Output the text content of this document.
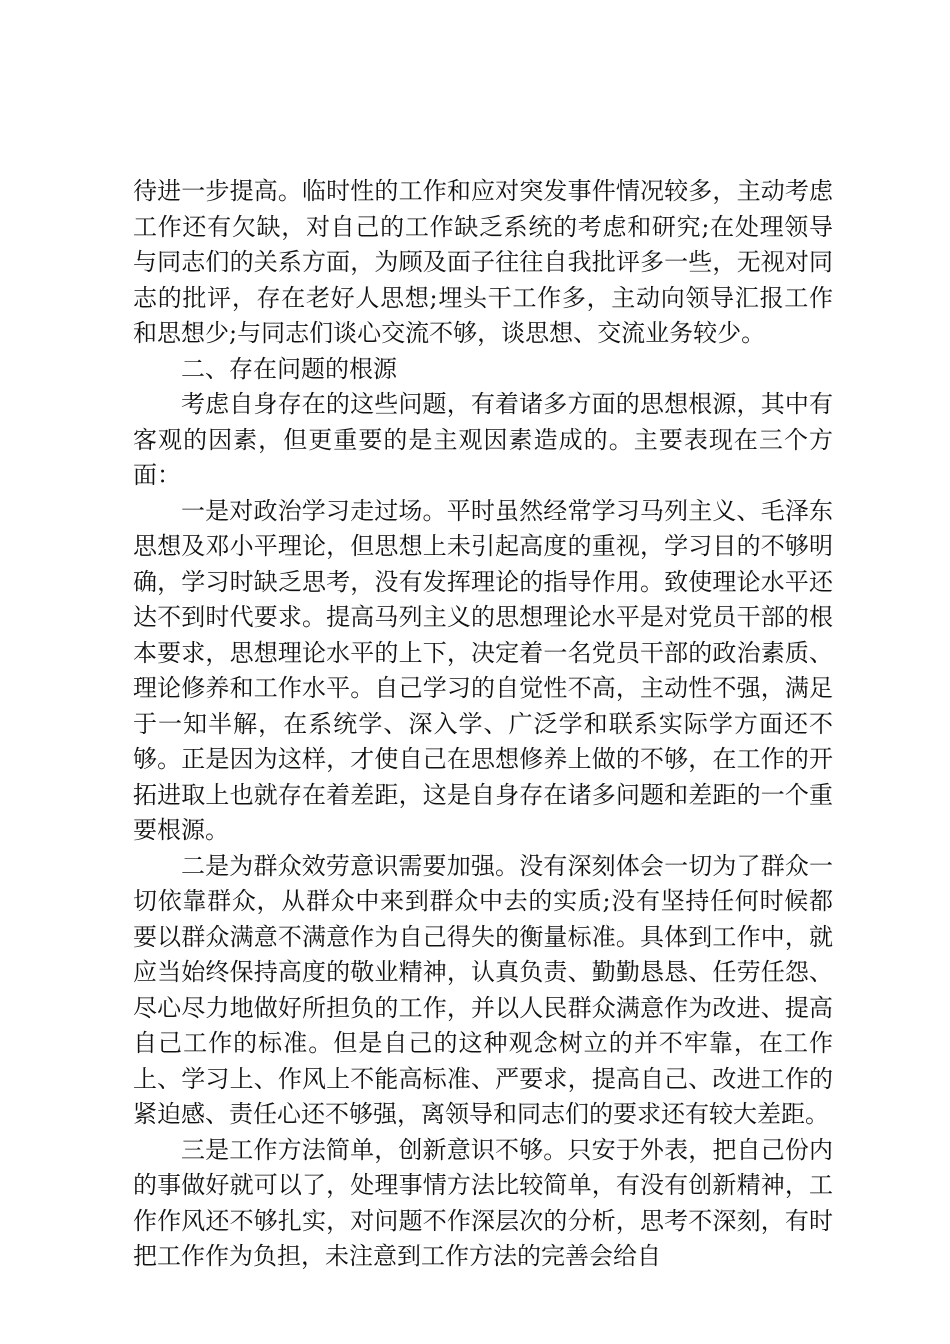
待进一步提高。临时性的工作和应对突发事件情况较多，主动考虑工作还有欠缺，对自己的工作缺乏系统的考虑和研究;在处理领导与同志们的关系方面，为顾及面子往往自我批评多一些，无视对同志的批评，存在老好人思想;埋头干工作多，主动向领导汇报工作和思想少;与同志们谈心交流不够，谈思想、交流业务较少。

二、存在问题的根源

考虑自身存在的这些问题，有着诸多方面的思想根源，其中有客观的因素，但更重要的是主观因素造成的。主要表现在三个方面：

一是对政治学习走过场。平时虽然经常学习马列主义、毛泽东思想及邓小平理论，但思想上未引起高度的重视，学习目的不够明确，学习时缺乏思考，没有发挥理论的指导作用。致使理论水平还达不到时代要求。提高马列主义的思想理论水平是对党员干部的根本要求，思想理论水平的上下，决定着一名党员干部的政治素质、理论修养和工作水平。自己学习的自觉性不高，主动性不强，满足于一知半解，在系统学、深入学、广泛学和联系实际学方面还不够。正是因为这样，才使自己在思想修养上做的不够，在工作的开拓进取上也就存在着差距，这是自身存在诸多问题和差距的一个重要根源。

二是为群众效劳意识需要加强。没有深刻体会一切为了群众一切依靠群众，从群众中来到群众中去的实质;没有坚持任何时候都要以群众满意不满意作为自己得失的衡量标准。具体到工作中，就应当始终保持高度的敬业精神，认真负责、勤勤恳恳、任劳任怨、尽心尽力地做好所担负的工作，并以人民群众满意作为改进、提高自己工作的标准。但是自己的这种观念树立的并不牢靠，在工作上、学习上、作风上不能高标准、严要求，提高自己、改进工作的紧迫感、责任心还不够强，离领导和同志们的要求还有较大差距。

三是工作方法简单，创新意识不够。只安于外表，把自己份内的事做好就可以了，处理事情方法比较简单，有没有创新精神，工作作风还不够扎实，对问题不作深层次的分析，思考不深刻，有时把工作作为负担，未注意到工作方法的完善会给自
